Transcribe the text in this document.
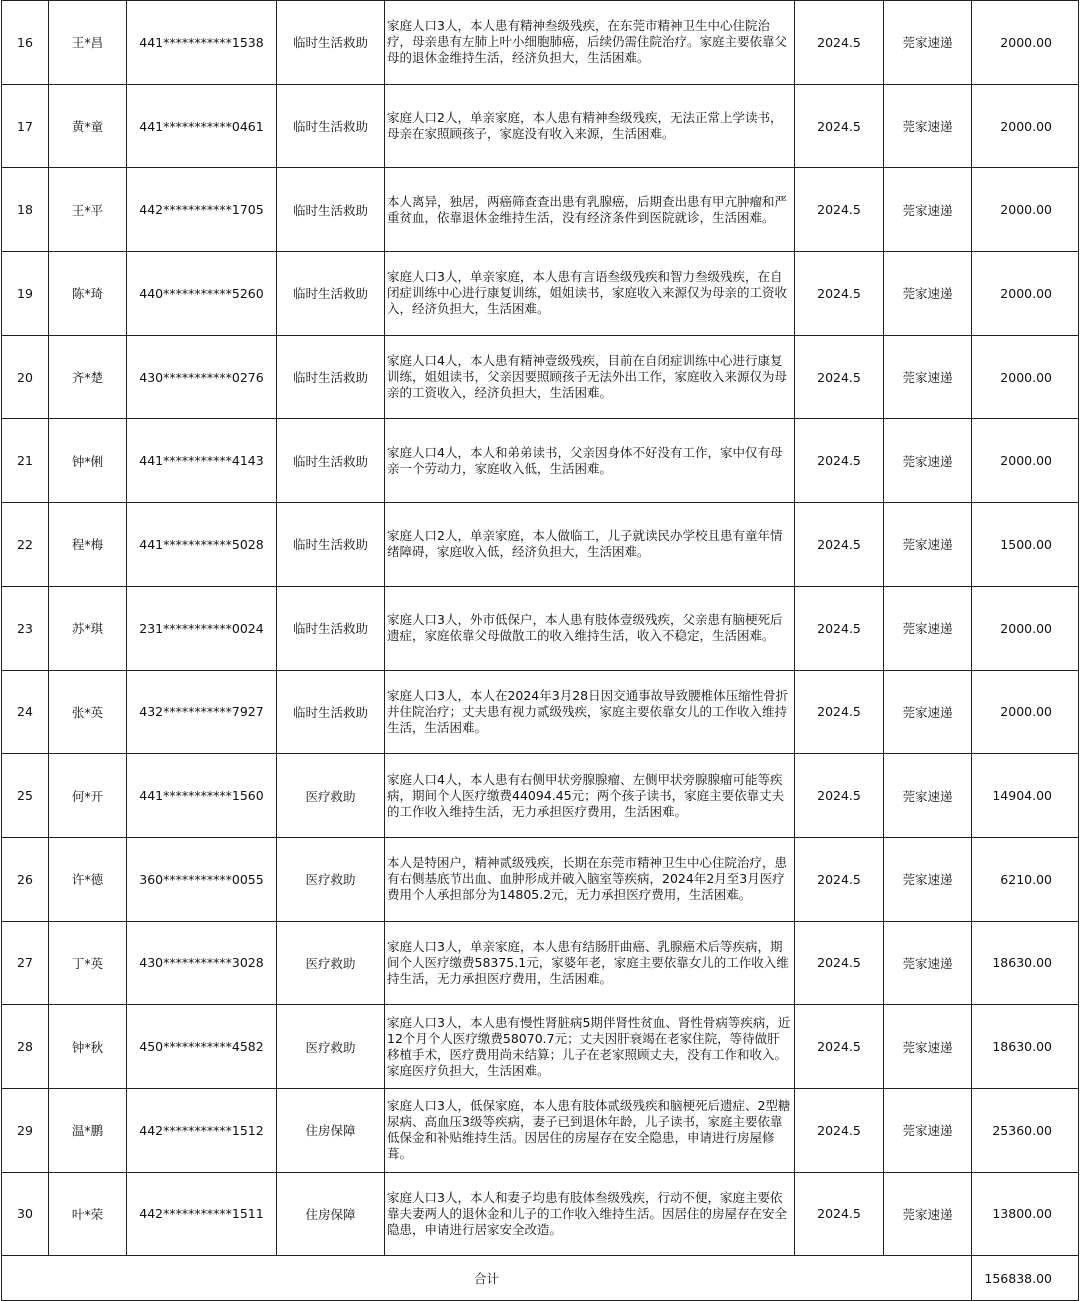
16	王*昌	441***********1538	临时生活救助	家庭人口3人，本人患有精神叁级残疾，在东莞市精神卫生中心住院治疗，母亲患有左肺上叶小细胞肺癌，后续仍需住院治疗。家庭主要依靠父母的退休金维持生活，经济负担大，生活困难。	2024.5	莞家速递	2000.00
17	黄*童	441***********0461	临时生活救助	家庭人口2人，单亲家庭，本人患有精神叁级残疾，无法正常上学读书，母亲在家照顾孩子，家庭没有收入来源，生活困难。	2024.5	莞家速递	2000.00
18	王*平	442***********1705	临时生活救助	本人离异，独居，两癌筛查查出患有乳腺癌，后期查出患有甲亢肿瘤和严重贫血，依靠退休金维持生活，没有经济条件到医院就诊，生活困难。	2024.5	莞家速递	2000.00
19	陈*琦	440***********5260	临时生活救助	家庭人口3人，单亲家庭，本人患有言语叁级残疾和智力叁级残疾，在自闭症训练中心进行康复训练，姐姐读书，家庭收入来源仅为母亲的工资收入，经济负担大，生活困难。	2024.5	莞家速递	2000.00
20	齐*楚	430***********0276	临时生活救助	家庭人口4人，本人患有精神壹级残疾，目前在自闭症训练中心进行康复训练，姐姐读书，父亲因要照顾孩子无法外出工作，家庭收入来源仅为母亲的工资收入，经济负担大，生活困难。	2024.5	莞家速递	2000.00
21	钟*俐	441***********4143	临时生活救助	家庭人口4人，本人和弟弟读书，父亲因身体不好没有工作，家中仅有母亲一个劳动力，家庭收入低，生活困难。	2024.5	莞家速递	2000.00
22	程*梅	441***********5028	临时生活救助	家庭人口2人，单亲家庭，本人做临工，儿子就读民办学校且患有童年情绪障碍，家庭收入低，经济负担大，生活困难。	2024.5	莞家速递	1500.00
23	苏*琪	231***********0024	临时生活救助	家庭人口3人，外市低保户，本人患有肢体壹级残疾，父亲患有脑梗死后遗症，家庭依靠父母做散工的收入维持生活，收入不稳定，生活困难。	2024.5	莞家速递	2000.00
24	张*英	432***********7927	临时生活救助	家庭人口3人，本人在2024年3月28日因交通事故导致腰椎体压缩性骨折并住院治疗；丈夫患有视力贰级残疾，家庭主要依靠女儿的工作收入维持生活，生活困难。	2024.5	莞家速递	2000.00
25	何*开	441***********1560	医疗救助	家庭人口4人，本人患有右侧甲状旁腺腺瘤、左侧甲状旁腺腺瘤可能等疾病，期间个人医疗缴费44094.45元；两个孩子读书，家庭主要依靠丈夫的工作收入维持生活，无力承担医疗费用，生活困难。	2024.5	莞家速递	14904.00
26	许*德	360***********0055	医疗救助	本人是特困户，精神贰级残疾，长期在东莞市精神卫生中心住院治疗，患有右侧基底节出血、血肿形成并破入脑室等疾病，2024年2月至3月医疗费用个人承担部分为14805.2元，无力承担医疗费用，生活困难。	2024.5	莞家速递	6210.00
27	丁*英	430***********3028	医疗救助	家庭人口3人，单亲家庭，本人患有结肠肝曲癌、乳腺癌术后等疾病，期间个人医疗缴费58375.1元，家婆年老，家庭主要依靠女儿的工作收入维持生活，无力承担医疗费用，生活困难。	2024.5	莞家速递	18630.00
28	钟*秋	450***********4582	医疗救助	家庭人口3人，本人患有慢性肾脏病5期伴肾性贫血、肾性骨病等疾病，近12个月个人医疗缴费58070.7元；丈夫因肝衰竭在老家住院，等待做肝移植手术，医疗费用尚未结算；儿子在老家照顾丈夫，没有工作和收入。家庭医疗负担大，生活困难。	2024.5	莞家速递	18630.00
29	温*鹏	442***********1512	住房保障	家庭人口3人，低保家庭，本人患有肢体贰级残疾和脑梗死后遗症、2型糖尿病、高血压3级等疾病，妻子已到退休年龄，儿子读书，家庭主要依靠低保金和补贴维持生活。因居住的房屋存在安全隐患，申请进行房屋修葺。	2024.5	莞家速递	25360.00
30	叶*荣	442***********1511	住房保障	家庭人口3人，本人和妻子均患有肢体叁级残疾，行动不便，家庭主要依靠夫妻两人的退休金和儿子的工作收入维持生活。因居住的房屋存在安全隐患，申请进行居家安全改造。	2024.5	莞家速递	13800.00
合计							156838.00
